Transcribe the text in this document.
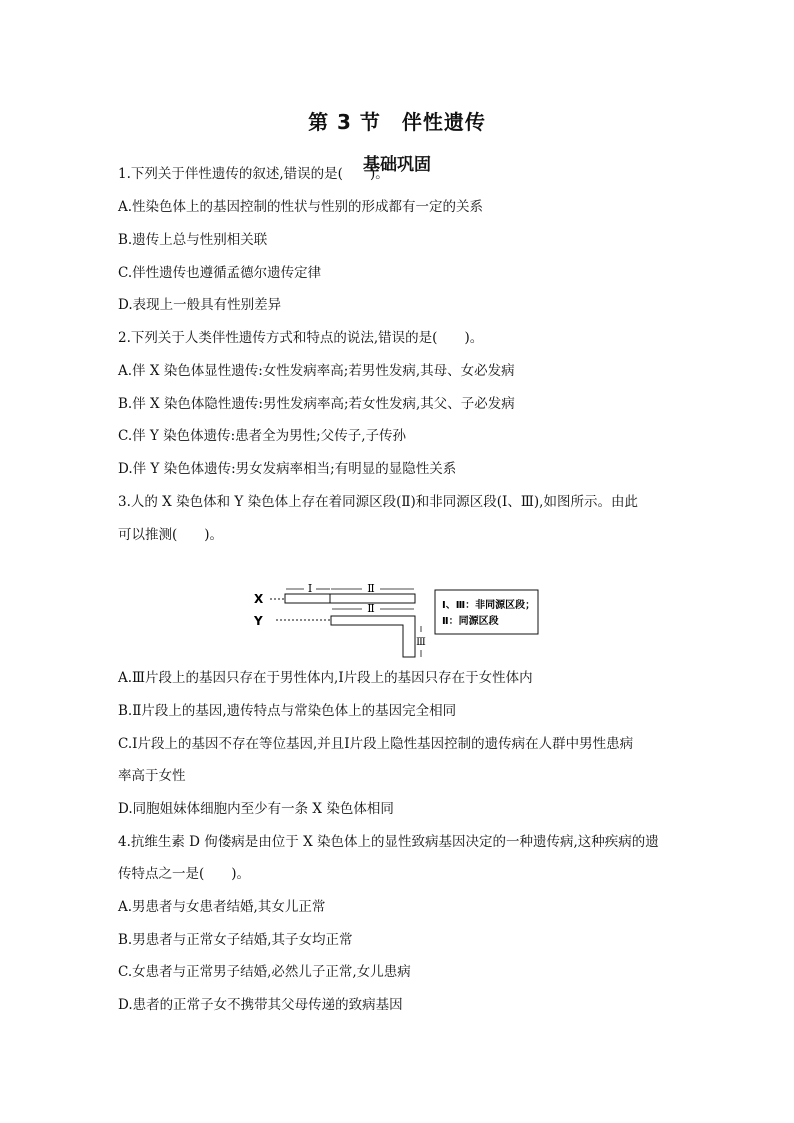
第 3 节　伴性遗传
基础巩固
1.下列关于伴性遗传的叙述,错误的是(　　)。
A.性染色体上的基因控制的性状与性别的形成都有一定的关系
B.遗传上总与性别相关联
C.伴性遗传也遵循孟德尔遗传定律
D.表现上一般具有性别差异
2.下列关于人类伴性遗传方式和特点的说法,错误的是(　　)。
A.伴 X 染色体显性遗传:女性发病率高;若男性发病,其母、女必发病
B.伴 X 染色体隐性遗传:男性发病率高;若女性发病,其父、子必发病
C.伴 Y 染色体遗传:患者全为男性;父传子,子传孙
D.伴 Y 染色体遗传:男女发病率相当;有明显的显隐性关系
3.人的 X 染色体和 Y 染色体上存在着同源区段(Ⅱ)和非同源区段(Ⅰ、Ⅲ),如图所示。由此
可以推测(　　)。
X
Ⅰ	Ⅱ
Y
Ⅱ
Ⅲ
Ⅰ、Ⅲ：非同源区段；
Ⅱ：同源区段
A.Ⅲ片段上的基因只存在于男性体内,Ⅰ片段上的基因只存在于女性体内
B.Ⅱ片段上的基因,遗传特点与常染色体上的基因完全相同
C.Ⅰ片段上的基因不存在等位基因,并且Ⅰ片段上隐性基因控制的遗传病在人群中男性患病
率高于女性
D.同胞姐妹体细胞内至少有一条 X 染色体相同
4.抗维生素 D 佝偻病是由位于 X 染色体上的显性致病基因决定的一种遗传病,这种疾病的遗
传特点之一是(　　)。
A.男患者与女患者结婚,其女儿正常
B.男患者与正常女子结婚,其子女均正常
C.女患者与正常男子结婚,必然儿子正常,女儿患病
D.患者的正常子女不携带其父母传递的致病基因
